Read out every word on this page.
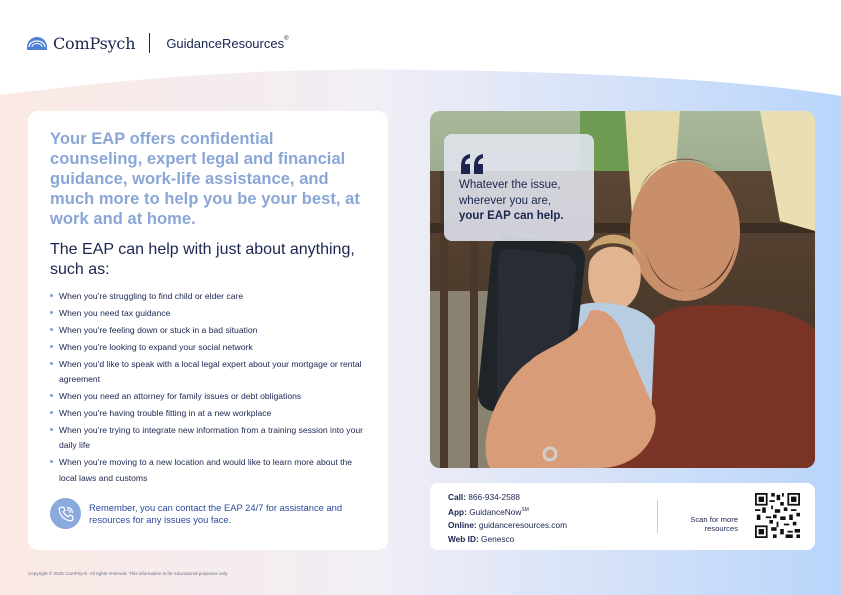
ComPsych GuidanceResources®

Your EAP offers confidential counseling, expert legal and financial guidance, work-life assistance, and much more to help you be your best, at work and at home.

The EAP can help with just about anything, such as:

When you're struggling to find child or elder care
When you need tax guidance
When you're feeling down or stuck in a bad situation
When you're looking to expand your social network
When you'd like to speak with a local legal expert about your mortgage or rental agreement
When you need an attorney for family issues or debt obligations
When you're having trouble fitting in at a new workplace
When you're trying to integrate new information from a training session into your daily life
When you're moving to a new location and would like to learn more about the local laws and customs

Remember, you can contact the EAP 24/7 for assistance and resources for any issues you face.

Whatever the issue,

wherever you are,

your EAP can help.

Call: 866-934-2588
App: GuidanceNow℠
Online: guidanceresources.com
Web ID: Genesco
Scan for more resources
Copyright © 2025 ComPsych. All rights reserved. This information is for educational purposes only.
